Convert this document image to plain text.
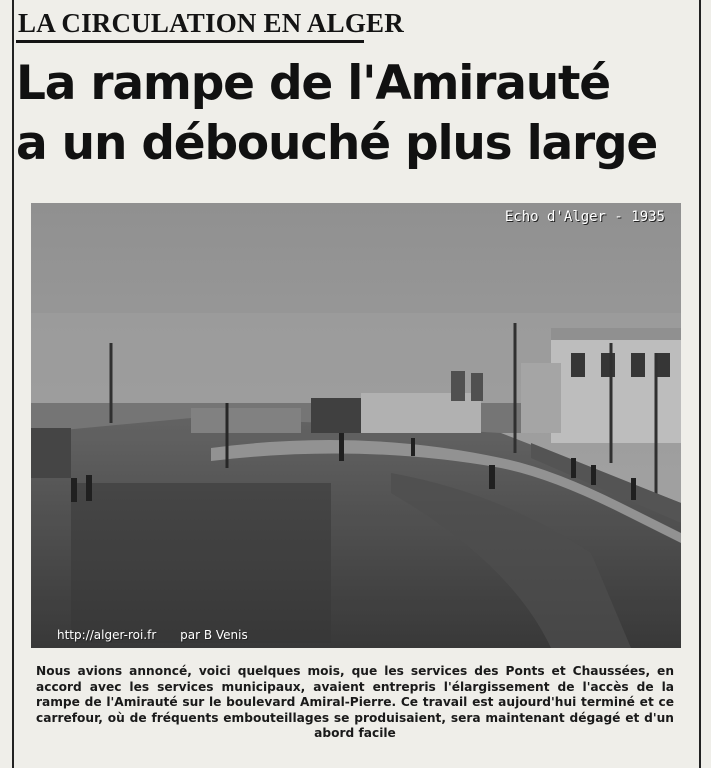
LA CIRCULATION EN ALGER
La rampe de l'Amirauté
a un débouché plus large
Echo d'Alger - 1935
http://alger-roi.fr par B Venis
Nous avions annoncé, voici quelques mois, que les services des Ponts et Chaussées, en accord avec les services municipaux, avaient entrepris l'élargissement de l'accès de la rampe de l'Amirauté sur le boulevard Amiral-Pierre. Ce travail est aujourd'hui terminé et ce carrefour, où de fréquents embouteillages se produisaient, sera maintenant dégagé et d'un abord facile
